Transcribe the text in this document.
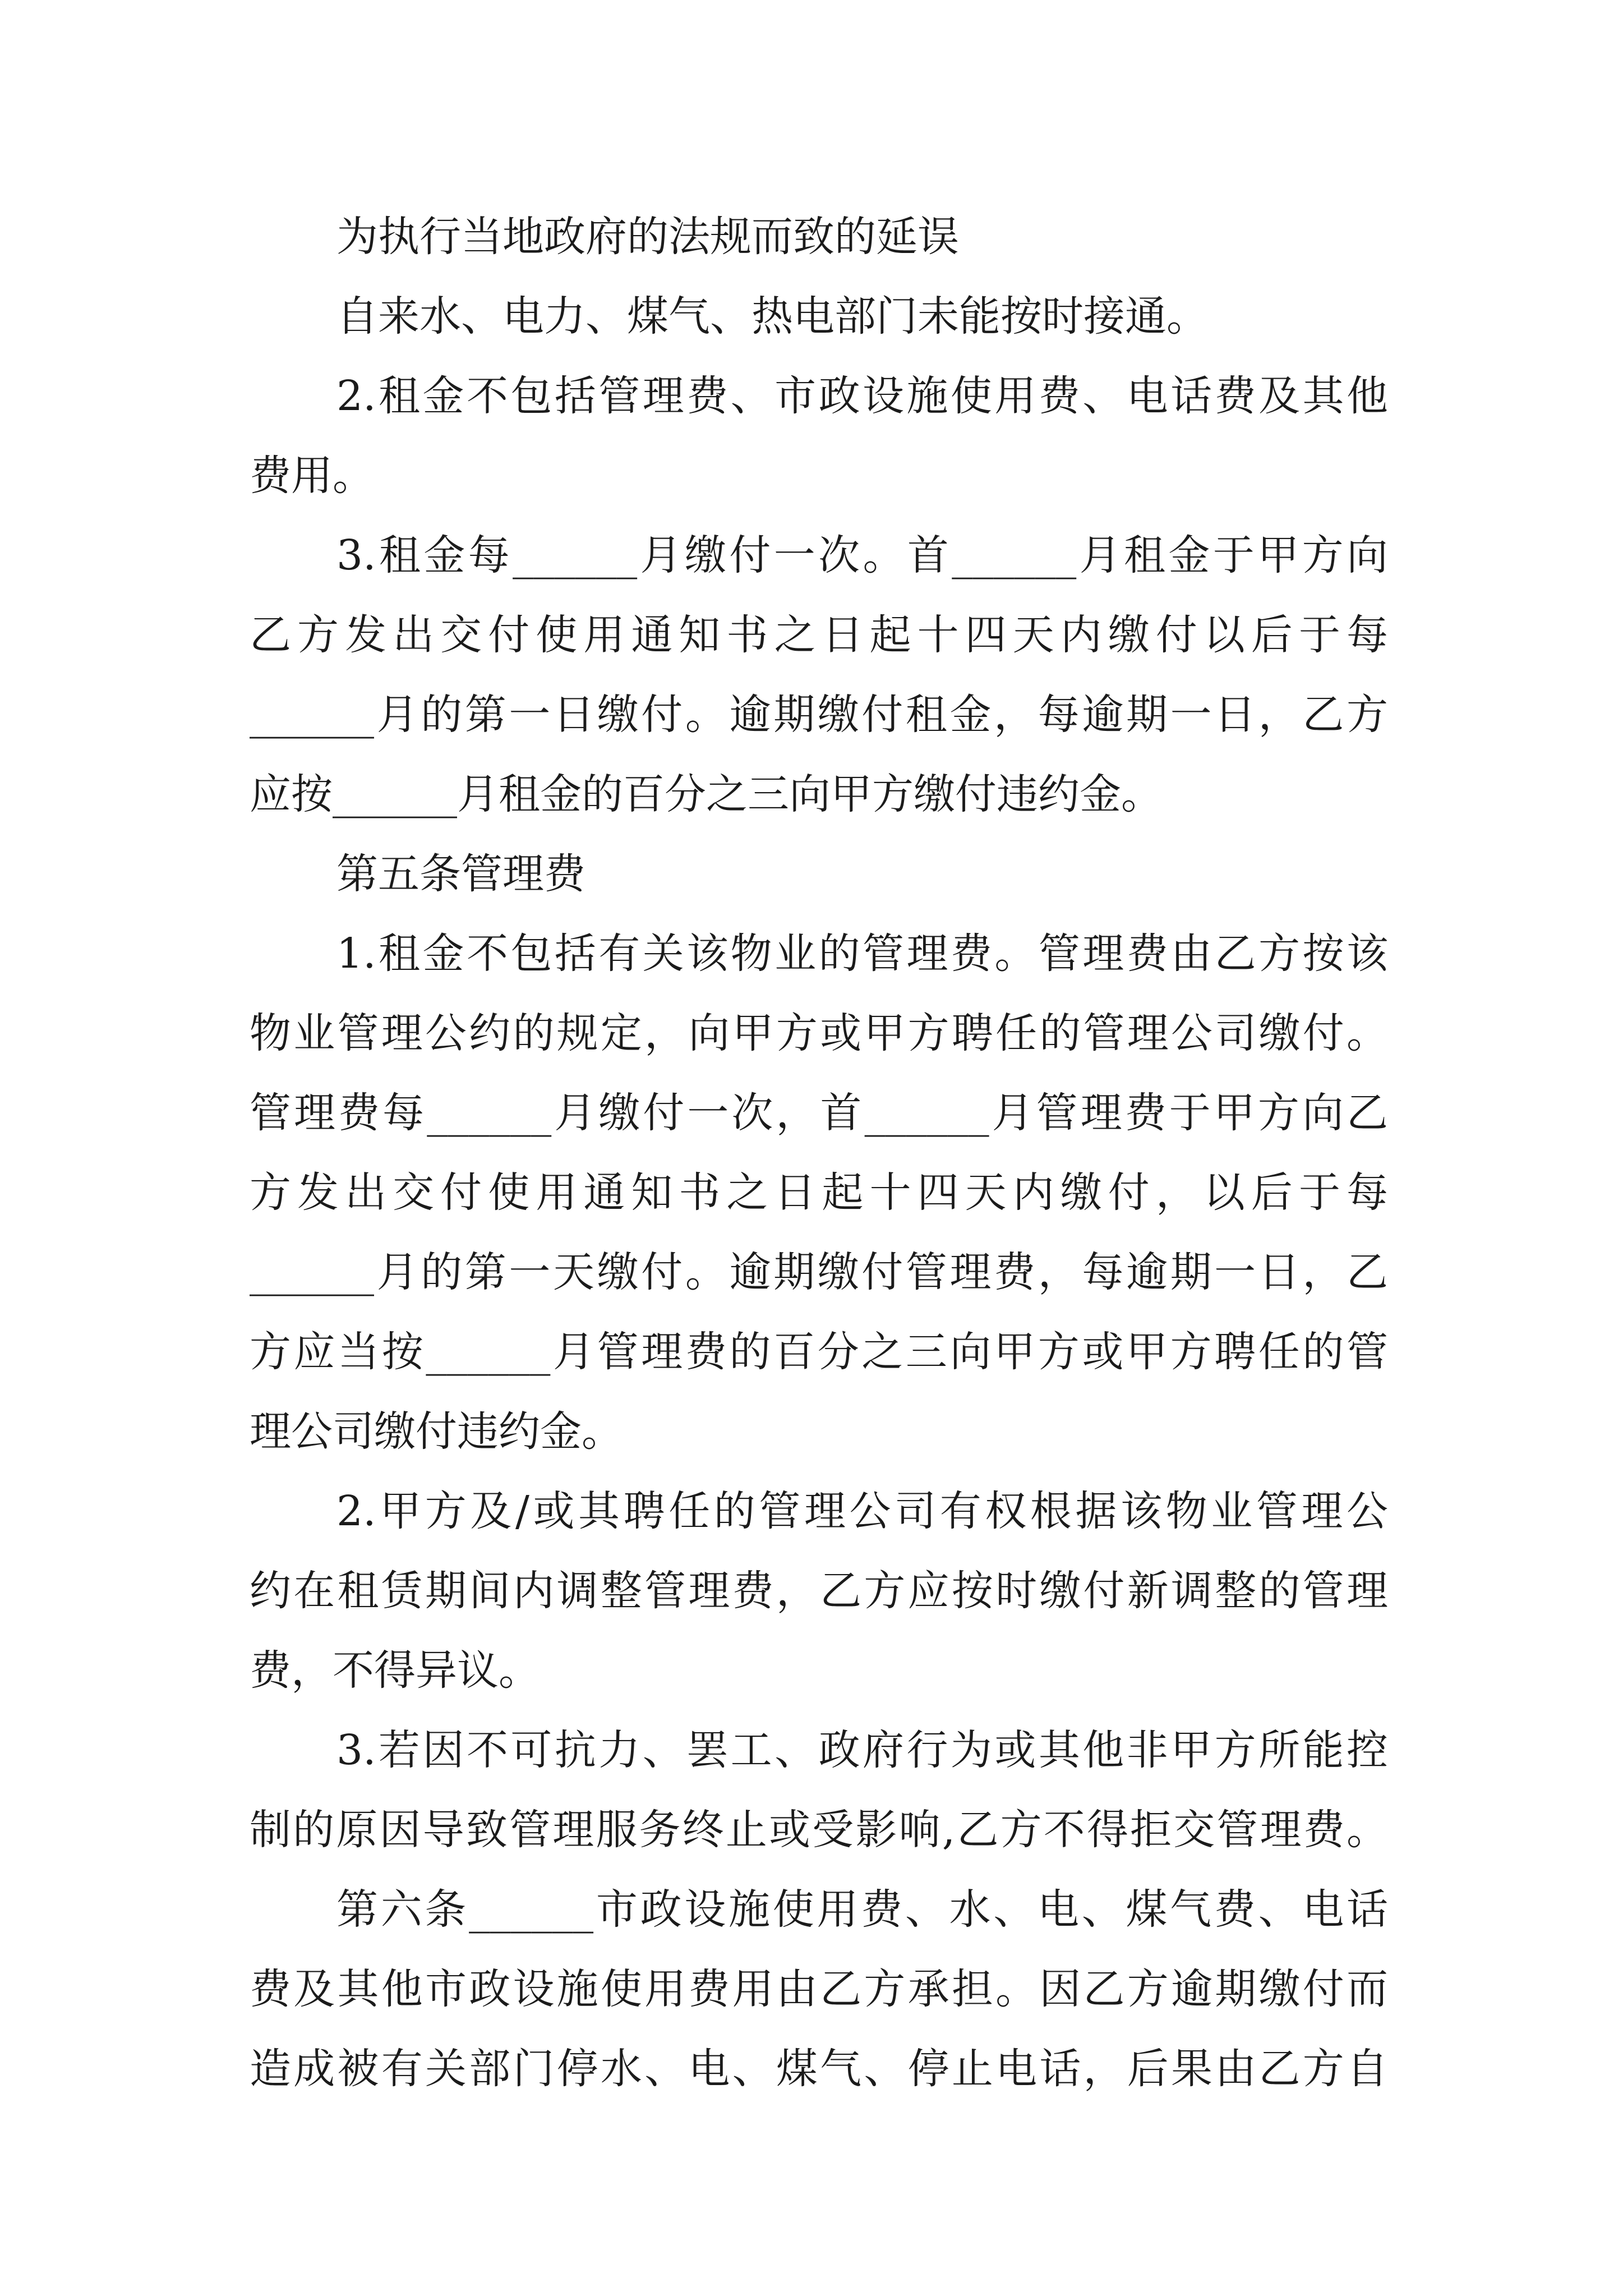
为执行当地政府的法规而致的延误
自来水、电力、煤气、热电部门未能按时接通。
2.租金不包括管理费、市政设施使用费、电话费及其他
费用。
3.租金每______月缴付一次。首______月租金于甲方向
乙方发出交付使用通知书之日起十四天内缴付以后于每
______月的第一日缴付。逾期缴付租金，每逾期一日，乙方
应按______月租金的百分之三向甲方缴付违约金。
第五条管理费
1.租金不包括有关该物业的管理费。管理费由乙方按该
物业管理公约的规定，向甲方或甲方聘任的管理公司缴付。
管理费每______月缴付一次，首______月管理费于甲方向乙
方发出交付使用通知书之日起十四天内缴付，以后于每
______月的第一天缴付。逾期缴付管理费，每逾期一日，乙
方应当按______月管理费的百分之三向甲方或甲方聘任的管
理公司缴付违约金。
2.甲方及/或其聘任的管理公司有权根据该物业管理公
约在租赁期间内调整管理费，乙方应按时缴付新调整的管理
费，不得异议。
3.若因不可抗力、罢工、政府行为或其他非甲方所能控
制的原因导致管理服务终止或受影响,乙方不得拒交管理费。
第六条______市政设施使用费、水、电、煤气费、电话
费及其他市政设施使用费用由乙方承担。因乙方逾期缴付而
造成被有关部门停水、电、煤气、停止电话，后果由乙方自
